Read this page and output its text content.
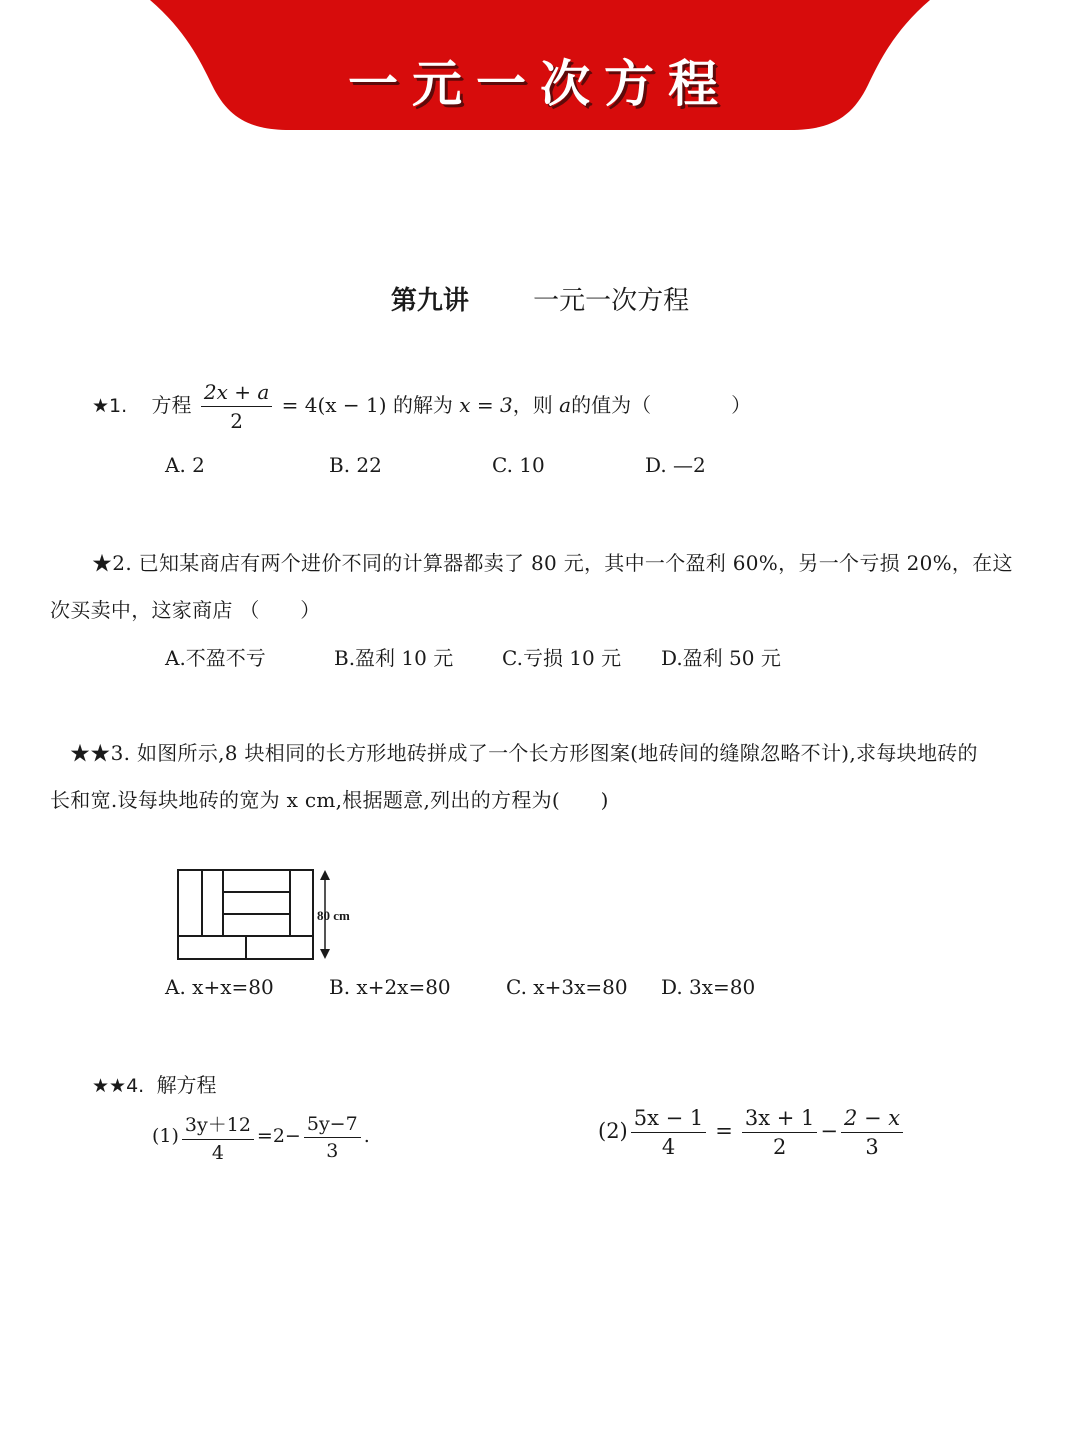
一元一次方程
第九讲 一元一次方程
★1. 方程 $\frac{2x + a}{2} = 4(x - 1)$ 的解为 x = 3，则 a的值为（　　　　）
A. 2	B. 22	C. 10	D. —2
★2. 已知某商店有两个进价不同的计算器都卖了 80 元，其中一个盈利 60%，另一个亏损 20%，在这
次买卖中，这家商店 （　　）
A.不盈不亏	B.盈利 10 元 C.亏损 10 元 D.盈利 50 元
★★3. 如图所示,8 块相同的长方形地砖拼成了一个长方形图案(地砖间的缝隙忽略不计),求每块地砖的
长和宽.设每块地砖的宽为 x cm,根据题意,列出的方程为(　　)
80 cm
A. x+x=80	B. x+2x=80	C. x+3x=80 D. 3x=80
★★4. 解方程
$(1) \frac{3y+12}{4} =2- \frac{5y-7}{3}$ .	$(2) \frac{5x - 1}{4} = \frac{3x + 1}{2} - \frac{2 - x}{3}$
